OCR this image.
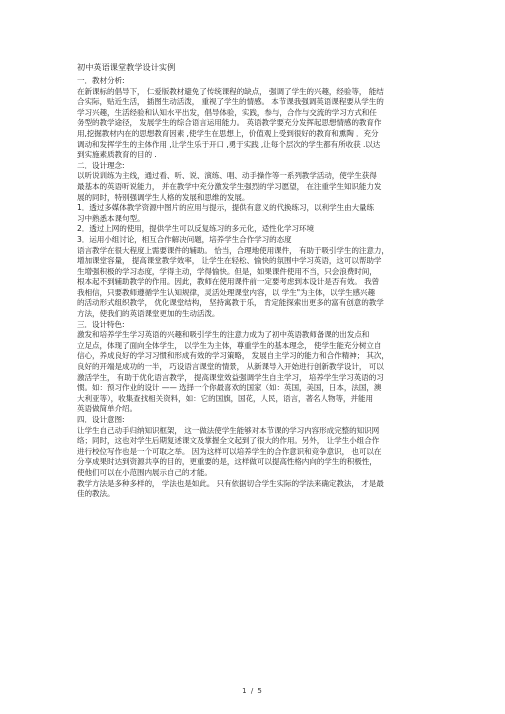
初中英语课堂教学设计实例
一．教材分析:
在新课标的倡导下， 仁爱版教材避免了传统课程的缺点， 强调了学生的兴趣，经验等， 能结
合实际，贴近生活， 插图生动活泼， 重视了学生的情感。 本节课我强调英语课程要从学生的
学习兴趣，生活经验和认知水平出发，倡导体验，实践，参与，合作与交流的学习方式和任
务型的教学途径， 发展学生的综合语言运用能力。 英语教学要充分发挥起思想情感的教育作
用,挖掘教材内在的思想教育因素 ,使学生在思想上，价值观上受到很好的教育和熏陶 ．充分
调动和发挥学生的主体作用 ,让学生乐于开口 ,勇于实践 ,让每个层次的学生都有所收获 .以达
到实施素质教育的目的 .
二．设计理念:
以听说训练为主线，通过看、听、说、演练、唱、动手操作等一系列教学活动，使学生获得
最基本的英语听说能力， 并在教学中充分激发学生强烈的学习愿望， 在注重学生知识能力发
展的同时，特别强调学生人格的发展和思维的发展。
1．透过多媒体教学资源中图片的应用与提示，提供有意义的代换练习，以利学生由大量练
习中熟悉本课句型。
2．透过上网的使用，提供学生可以反复练习的多元化，适性化学习环境
3．运用小组讨论，相互合作解决问题，培养学生合作学习的态度
语言教学在很大程度上需要课件的辅助。 恰当，合理地使用课件， 有助于吸引学生的注意力，
增加课堂容量， 提高课堂教学效率， 让学生在轻松、愉快的氛围中学习英语，这可以帮助学
生增强积极的学习态度，学得主动，学得愉快。但是，如果课件使用不当，只会浪费时间，
根本起不到辅助教学的作用。因此，教师在使用课件前一定要考虑到本设计是否有效。 我曾
我相信，只要教师遵循学生认知规律，灵活处理课堂内容，以 学生"为主体，以学生感兴趣
的活动形式组织教学， 优化课堂结构， 坚持寓教于乐， 肯定能探索出更多的富有创意的教学
方法，使我们的英语课堂更加的生动活泼。
三．设计特色:
激发和培养学生学习英语的兴趣和吸引学生的注意力成为了初中英语教师备课的出发点和
立足点，体现了面向全体学生， 以学生为主体，尊重学生的基本理念， 使学生能充分树立自
信心，养成良好的学习习惯和形成有效的学习策略， 发展自主学习的能力和合作精神； 其次，
良好的开端是成功的一半， 巧设语言课堂的情景， 从新课导入开始进行创新教学设计， 可以
激活学生， 有助于优化语言教学， 提高课堂效益强调学生自主学习， 培养学生学习英语的习
惯。如：预习作业的设计 —— 选择一个你最喜欢的国家（如：英国，美国，日本，法国，澳
大利亚等），收集查找相关资料，如：它的国旗，国花，人民，语言，著名人物等，并能用
英语做简单介绍。
四．设计意图:
让学生自己动手归纳知识框架， 这一做法使学生能够对本节课的学习内容形成完整的知识网
络；同时，这也对学生后期复述课文及掌握全文起到了很大的作用。另外， 让学生小组合作
进行校位写作也是一个可取之举。 因为这样可以培养学生的合作意识和竞争意识， 也可以在
分享成果时达到资源共享的目的，更重要的是，这样做可以提高性格内向的学生的积极性，
使他们可以在小范围内展示自己的才能。
教学方法是多种多样的， 学法也是如此。 只有依据切合学生实际的学法来确定教法， 才是最
佳的教法。
1 / 5
